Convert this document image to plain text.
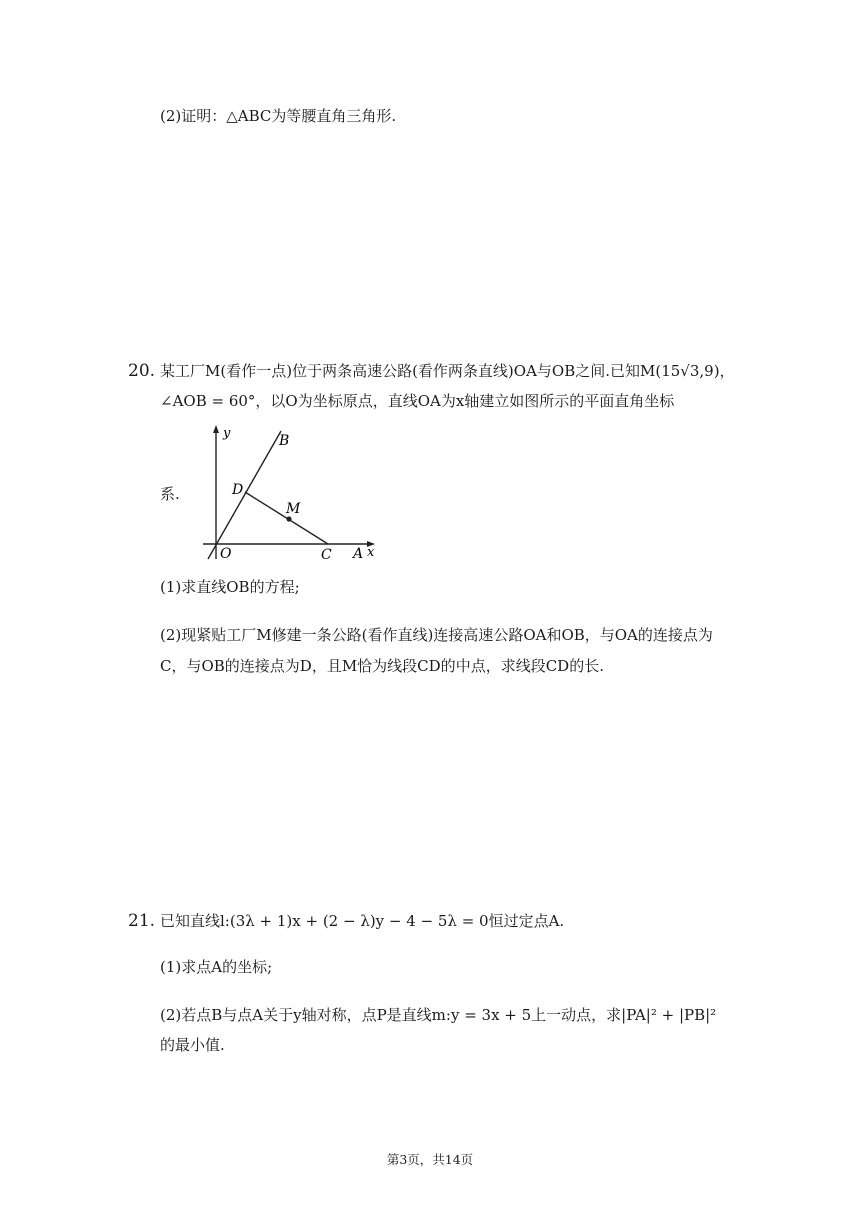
(2)证明：△ABC为等腰直角三角形.
20. 某工厂M(看作一点)位于两条高速公路(看作两条直线)OA与OB之间.已知M(15√3,9)，
∠AOB = 60°，以O为坐标原点，直线OA为x轴建立如图所示的平面直角坐标
系.
y	B
D
M
O	C A x
(1)求直线OB的方程;
(2)现紧贴工厂M修建一条公路(看作直线)连接高速公路OA和OB，与OA的连接点为
C，与OB的连接点为D，且M恰为线段CD的中点，求线段CD的长.
21. 已知直线l:(3λ + 1)x + (2 − λ)y − 4 − 5λ = 0恒过定点A.
(1)求点A的坐标;
(2)若点B与点A关于y轴对称，点P是直线m:y = 3x + 5上一动点，求|PA|² + |PB|²
的最小值.
第3页，共14页
